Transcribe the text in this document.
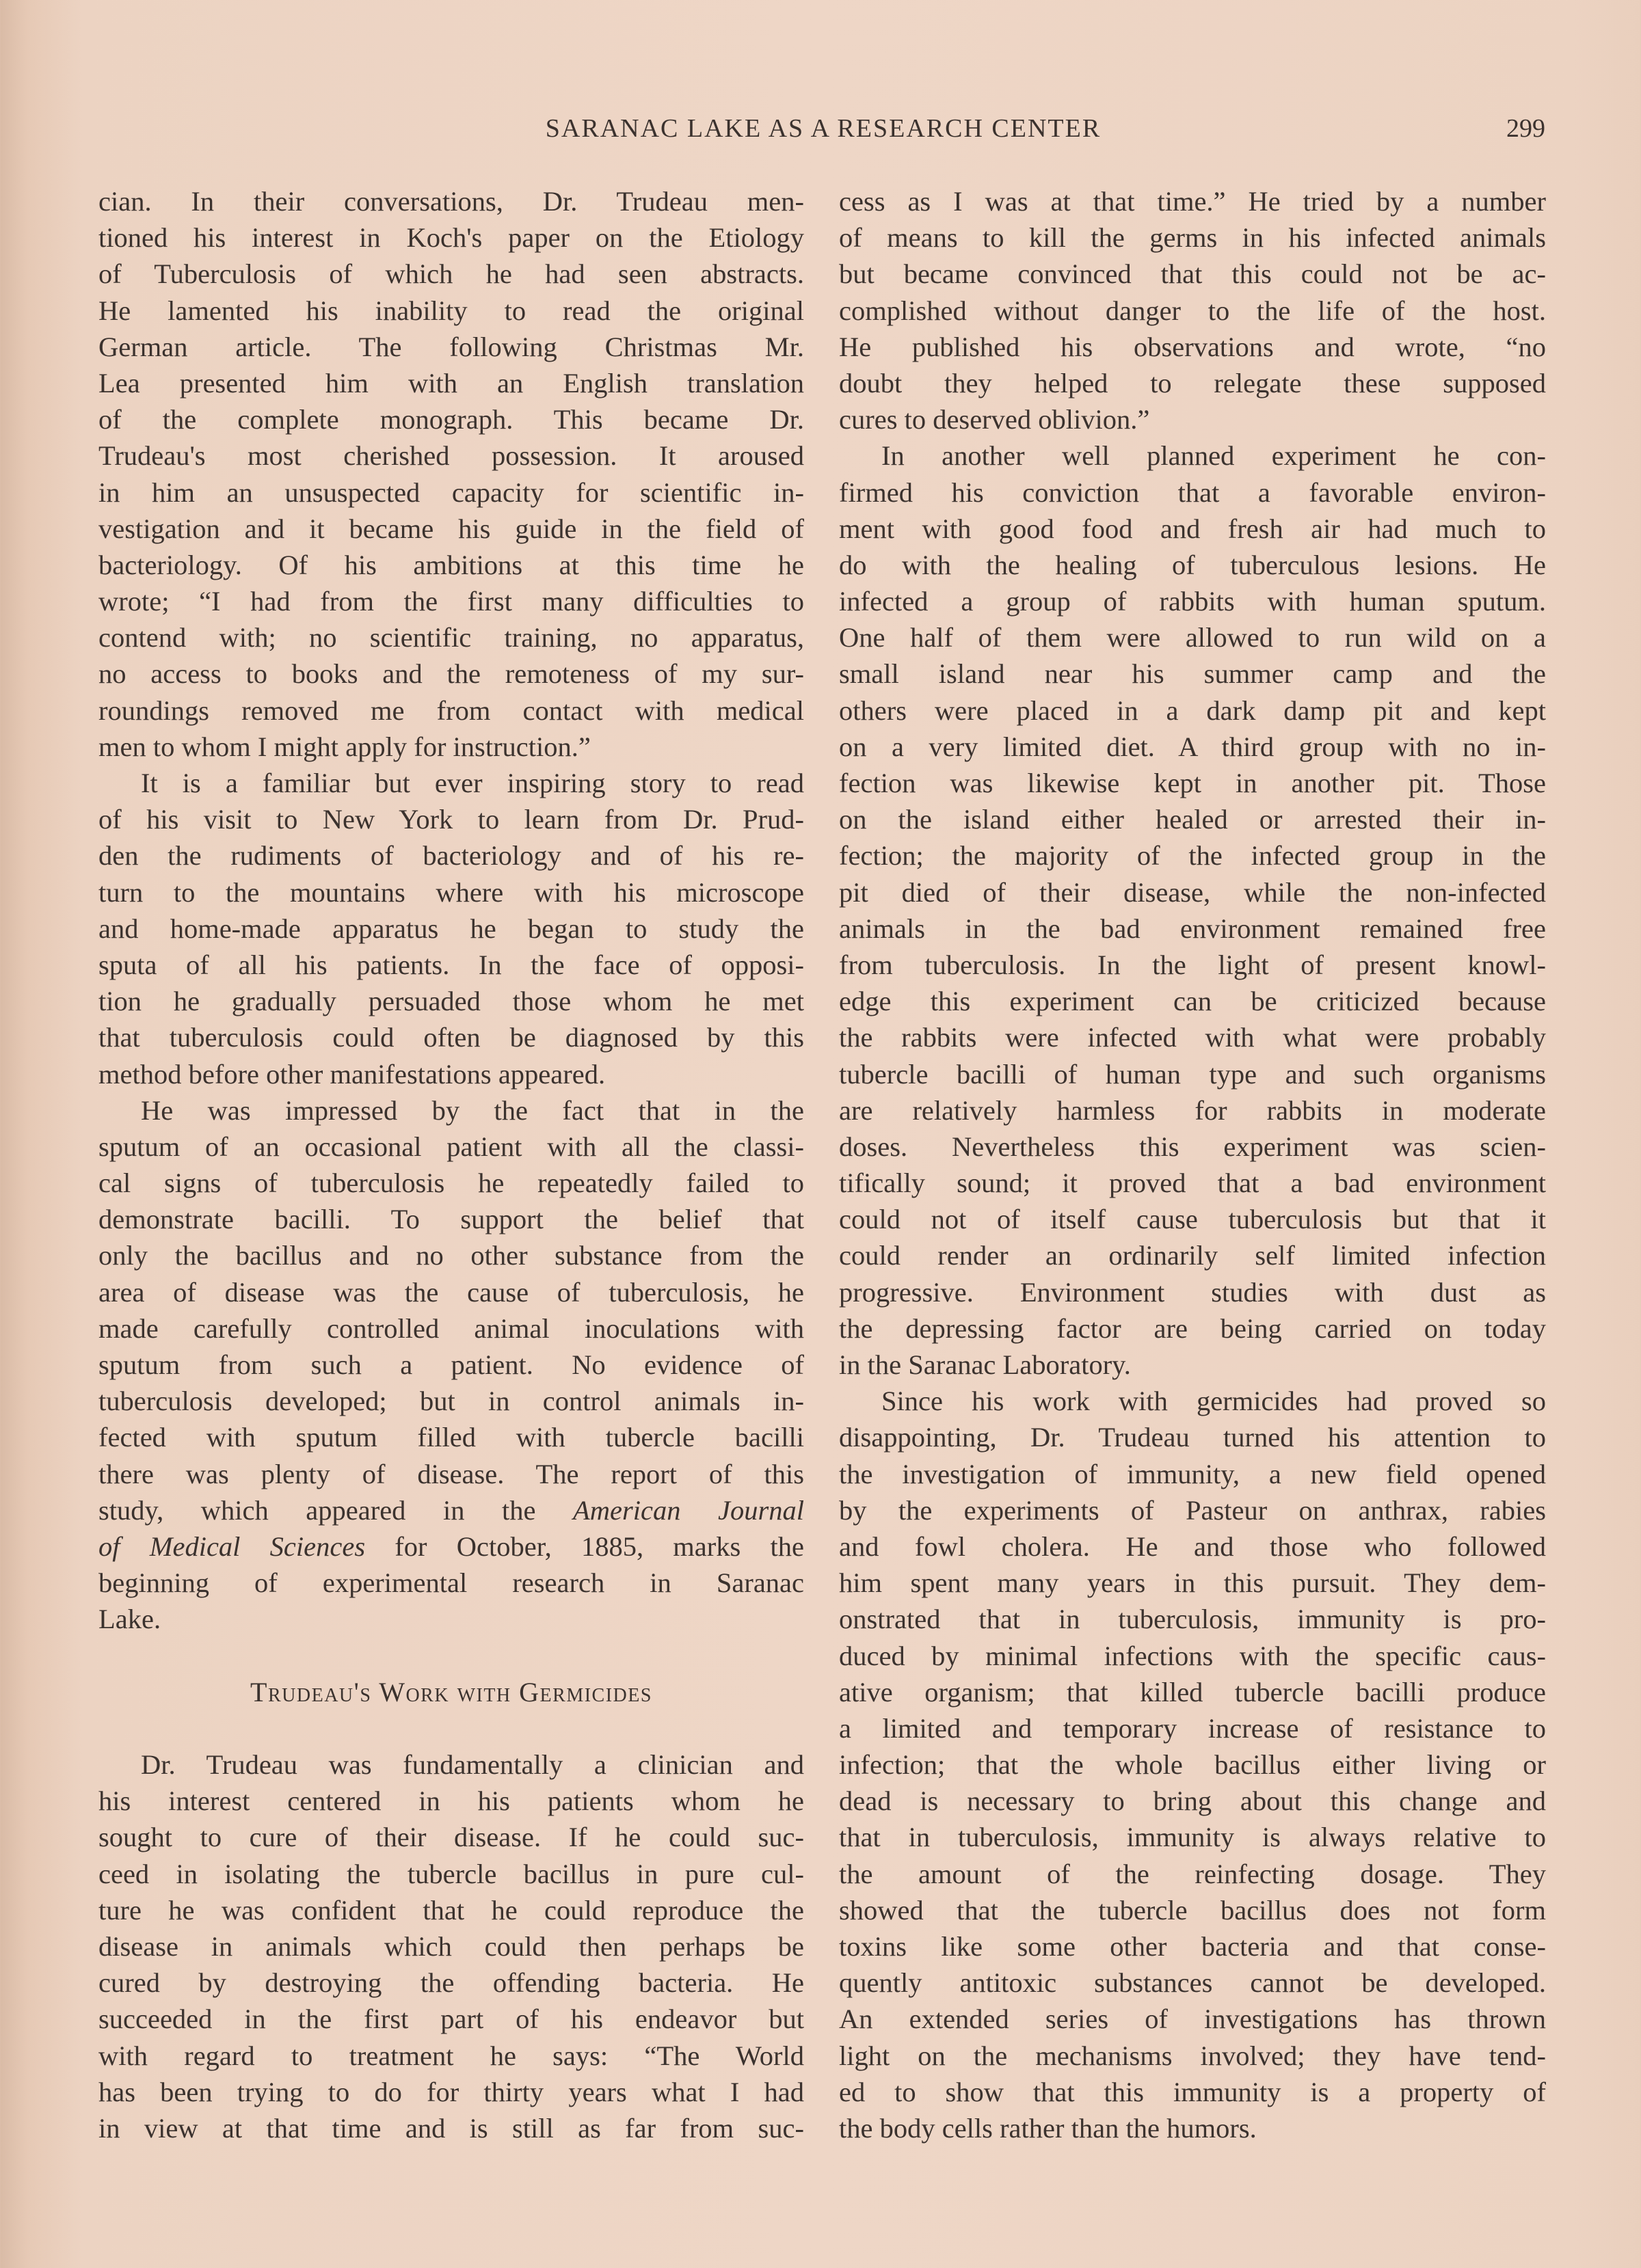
SARANAC LAKE AS A RESEARCH CENTER	299
cian. In their conversations, Dr. Trudeau men-
tioned his interest in Koch's paper on the Etiology
of Tuberculosis of which he had seen abstracts.
He lamented his inability to read the original
German article. The following Christmas Mr.
Lea presented him with an English translation
of the complete monograph. This became Dr.
Trudeau's most cherished possession. It aroused
in him an unsuspected capacity for scientific in-
vestigation and it became his guide in the field of
bacteriology. Of his ambitions at this time he
wrote; “I had from the first many difficulties to
contend with; no scientific training, no apparatus,
no access to books and the remoteness of my sur-
roundings removed me from contact with medical
men to whom I might apply for instruction.”
It is a familiar but ever inspiring story to read
of his visit to New York to learn from Dr. Prud-
den the rudiments of bacteriology and of his re-
turn to the mountains where with his microscope
and home-made apparatus he began to study the
sputa of all his patients. In the face of opposi-
tion he gradually persuaded those whom he met
that tuberculosis could often be diagnosed by this
method before other manifestations appeared.
He was impressed by the fact that in the
sputum of an occasional patient with all the classi-
cal signs of tuberculosis he repeatedly failed to
demonstrate bacilli. To support the belief that
only the bacillus and no other substance from the
area of disease was the cause of tuberculosis, he
made carefully controlled animal inoculations with
sputum from such a patient. No evidence of
tuberculosis developed; but in control animals in-
fected with sputum filled with tubercle bacilli
there was plenty of disease. The report of this
study, which appeared in the American Journal
of Medical Sciences for October, 1885, marks the
beginning of experimental research in Saranac
Lake.
Trudeau's Work with Germicides
Dr. Trudeau was fundamentally a clinician and
his interest centered in his patients whom he
sought to cure of their disease. If he could suc-
ceed in isolating the tubercle bacillus in pure cul-
ture he was confident that he could reproduce the
disease in animals which could then perhaps be
cured by destroying the offending bacteria. He
succeeded in the first part of his endeavor but
with regard to treatment he says: “The World
has been trying to do for thirty years what I had
in view at that time and is still as far from suc-
cess as I was at that time.” He tried by a number
of means to kill the germs in his infected animals
but became convinced that this could not be ac-
complished without danger to the life of the host.
He published his observations and wrote, “no
doubt they helped to relegate these supposed
cures to deserved oblivion.”
In another well planned experiment he con-
firmed his conviction that a favorable environ-
ment with good food and fresh air had much to
do with the healing of tuberculous lesions. He
infected a group of rabbits with human sputum.
One half of them were allowed to run wild on a
small island near his summer camp and the
others were placed in a dark damp pit and kept
on a very limited diet. A third group with no in-
fection was likewise kept in another pit. Those
on the island either healed or arrested their in-
fection; the majority of the infected group in the
pit died of their disease, while the non-infected
animals in the bad environment remained free
from tuberculosis. In the light of present knowl-
edge this experiment can be criticized because
the rabbits were infected with what were probably
tubercle bacilli of human type and such organisms
are relatively harmless for rabbits in moderate
doses. Nevertheless this experiment was scien-
tifically sound; it proved that a bad environment
could not of itself cause tuberculosis but that it
could render an ordinarily self limited infection
progressive. Environment studies with dust as
the depressing factor are being carried on today
in the Saranac Laboratory.
Since his work with germicides had proved so
disappointing, Dr. Trudeau turned his attention to
the investigation of immunity, a new field opened
by the experiments of Pasteur on anthrax, rabies
and fowl cholera. He and those who followed
him spent many years in this pursuit. They dem-
onstrated that in tuberculosis, immunity is pro-
duced by minimal infections with the specific caus-
ative organism; that killed tubercle bacilli produce
a limited and temporary increase of resistance to
infection; that the whole bacillus either living or
dead is necessary to bring about this change and
that in tuberculosis, immunity is always relative to
the amount of the reinfecting dosage. They
showed that the tubercle bacillus does not form
toxins like some other bacteria and that conse-
quently antitoxic substances cannot be developed.
An extended series of investigations has thrown
light on the mechanisms involved; they have tend-
ed to show that this immunity is a property of
the body cells rather than the humors.
